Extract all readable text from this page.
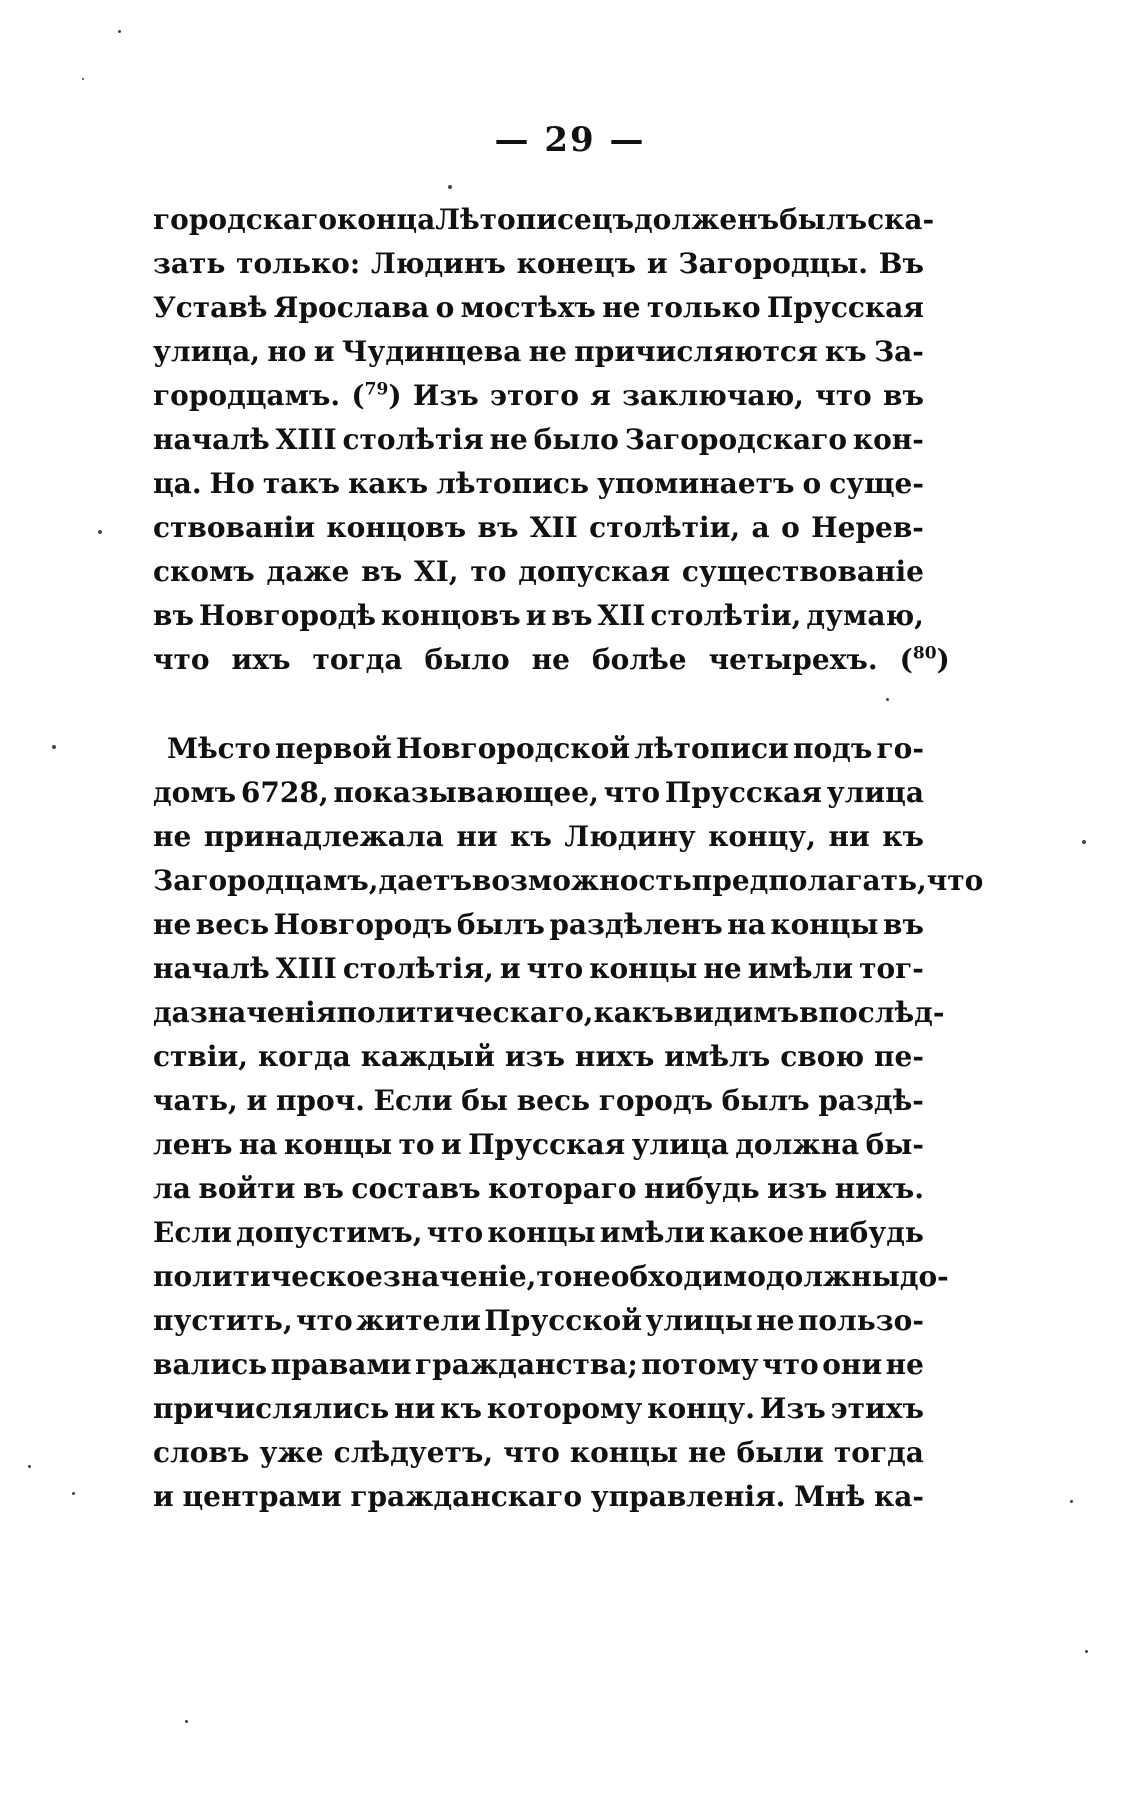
— 29 —
городскаго конца Лѣтописецъ долженъ былъ ска-
зать только: Людинъ конецъ и Загородцы. Въ
Уставѣ Ярослава о мостѣхъ не только Прусская
улица, но и Чудинцева не причисляются къ За-
городцамъ. ($^{79}$) Изъ этого я заключаю, что въ
началѣ XIII столѣтія не было Загородскаго кон-
ца. Но такъ какъ лѣтопись упоминаетъ о суще-
ствованіи концовъ въ XII столѣтіи, а о Нерев-
скомъ даже въ XI, то допуская существованіе
въ Новгородѣ концовъ и въ XII столѣтіи, думаю,
что ихъ тогда было не болѣе четырехъ. ($^{80}$)
Мѣсто первой Новгородской лѣтописи подъ го-
домъ 6728, показывающее, что Прусская улица
не принадлежала ни къ Людину концу, ни къ
Загородцамъ, даетъ возможность предполагать, что
не весь Новгородъ былъ раздѣленъ на концы въ
началѣ XIII столѣтія, и что концы не имѣли тог-
да значенія политическаго, какъ видимъ впослѣд-
ствіи, когда каждый изъ нихъ имѣлъ свою пе-
чать, и проч. Если бы весь городъ былъ раздѣ-
ленъ на концы то и Прусская улица должна бы-
ла войти въ составъ котораго нибудь изъ нихъ.
Если допустимъ, что концы имѣли какое нибудь
политическое значеніе, то необходимо должны до-
пустить, что жители Прусской улицы не пользо-
вались правами гражданства; потому что они не
причислялись ни къ которому концу. Изъ этихъ
словъ уже слѣдуетъ, что концы не были тогда
и центрами гражданскаго управленія. Мнѣ ка-
